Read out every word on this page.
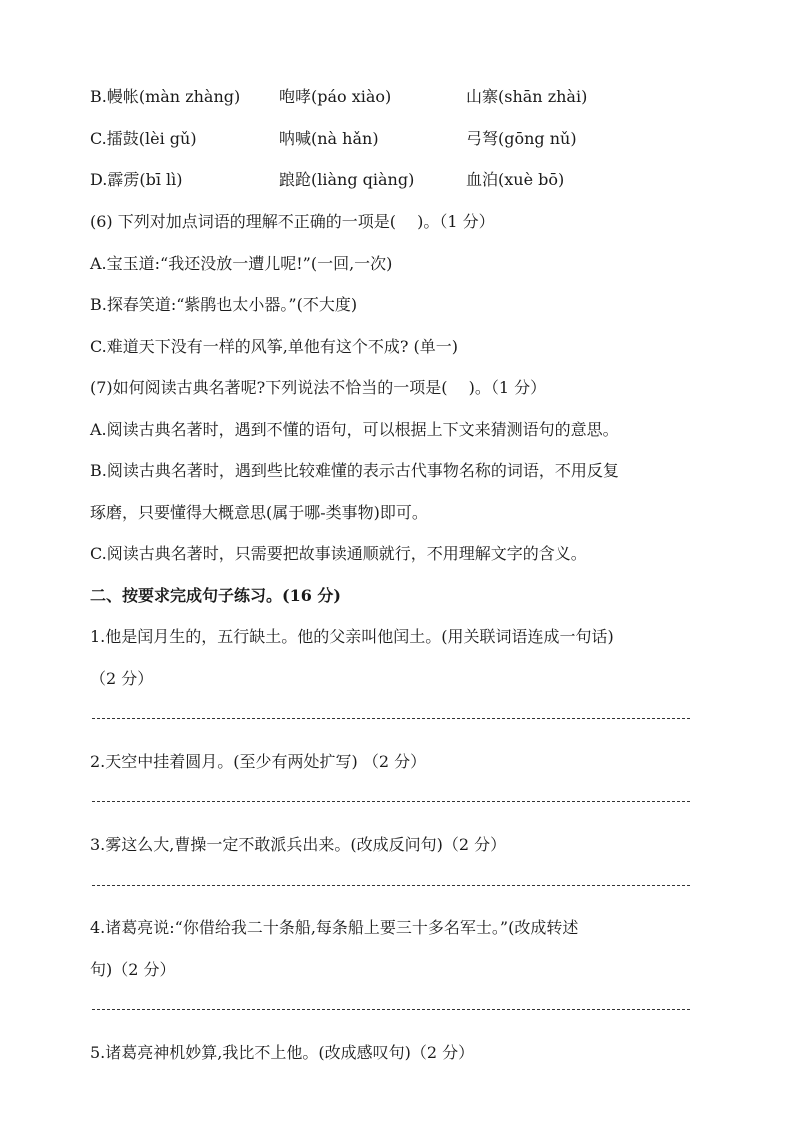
B.幔帐(màn zhàng) 咆哮(páo xiào)	山寨(shān zhài)
C.擂鼓(lèi gǔ)	呐喊(nà hǎn)	弓弩(gōng nǔ)
D.霹雳(bī lì)	踉跄(liàng qiàng)	血泊(xuè bō)
(6) 下列对加点词语的理解不正确的一项是(　 )。（1 分）
A.宝玉道:“我还没放一遭儿呢!”(一回,一次)
B.探春笑道:“紫鹃也太小器。”(不大度)
C.难道天下没有一样的风筝,单他有这个不成? (单一)
(7)如何阅读古典名著呢?下列说法不恰当的一项是(　 )。（1 分）
A.阅读古典名著时，遇到不懂的语句，可以根据上下文来猜测语句的意思。
B.阅读古典名著时，遇到些比较难懂的表示古代事物名称的词语，不用反复
琢磨，只要懂得大概意思(属于哪-类事物)即可。
C.阅读古典名著时，只需要把故事读通顺就行，不用理解文字的含义。
二、按要求完成句子练习。(16 分)
1.他是闰月生的，五行缺土。他的父亲叫他闰土。(用关联词语连成一句话)
（2 分）
2.天空中挂着圆月。(至少有两处扩写) （2 分）
3.雾这么大,曹操一定不敢派兵出来。(改成反问句)（2 分）
4.诸葛亮说:“你借给我二十条船,每条船上要三十多名军士。”(改成转述
句)（2 分）
5.诸葛亮神机妙算,我比不上他。(改成感叹句)（2 分）
